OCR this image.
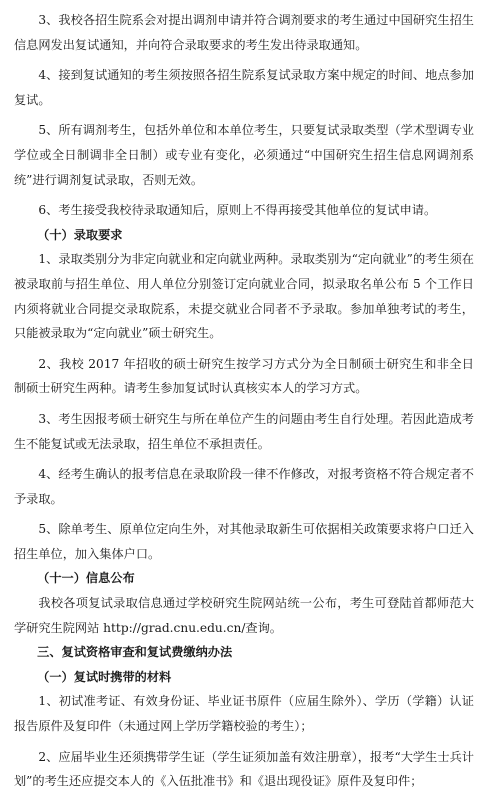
3、我校各招生院系会对提出调剂申请并符合调剂要求的考生通过中国研究生招生信息网发出复试通知，并向符合录取要求的考生发出待录取通知。

4、接到复试通知的考生须按照各招生院系复试录取方案中规定的时间、地点参加复试。

5、所有调剂考生，包括外单位和本单位考生，只要复试录取类型（学术型调专业学位或全日制调非全日制）或专业有变化，必须通过“中国研究生招生信息网调剂系统”进行调剂复试录取，否则无效。

6、考生接受我校待录取通知后，原则上不得再接受其他单位的复试申请。

（十）录取要求

1、录取类别分为非定向就业和定向就业两种。录取类别为“定向就业”的考生须在被录取前与招生单位、用人单位分别签订定向就业合同，拟录取名单公布 5 个工作日内须将就业合同提交录取院系，未提交就业合同者不予录取。参加单独考试的考生，只能被录取为“定向就业”硕士研究生。

2、我校 2017 年招收的硕士研究生按学习方式分为全日制硕士研究生和非全日制硕士研究生两种。请考生参加复试时认真核实本人的学习方式。

3、考生因报考硕士研究生与所在单位产生的问题由考生自行处理。若因此造成考生不能复试或无法录取，招生单位不承担责任。

4、经考生确认的报考信息在录取阶段一律不作修改，对报考资格不符合规定者不予录取。

5、除单考生、原单位定向生外，对其他录取新生可依据相关政策要求将户口迁入招生单位，加入集体户口。

（十一）信息公布

我校各项复试录取信息通过学校研究生院网站统一公布，考生可登陆首都师范大学研究生院网站 http://grad.cnu.edu.cn/查询。

三、复试资格审查和复试费缴纳办法

（一）复试时携带的材料

1、初试准考证、有效身份证、毕业证书原件（应届生除外）、学历（学籍）认证报告原件及复印件（未通过网上学历学籍校验的考生）；

2、应届毕业生还须携带学生证（学生证须加盖有效注册章），报考“大学生士兵计划”的考生还应提交本人的《入伍批准书》和《退出现役证》原件及复印件；
